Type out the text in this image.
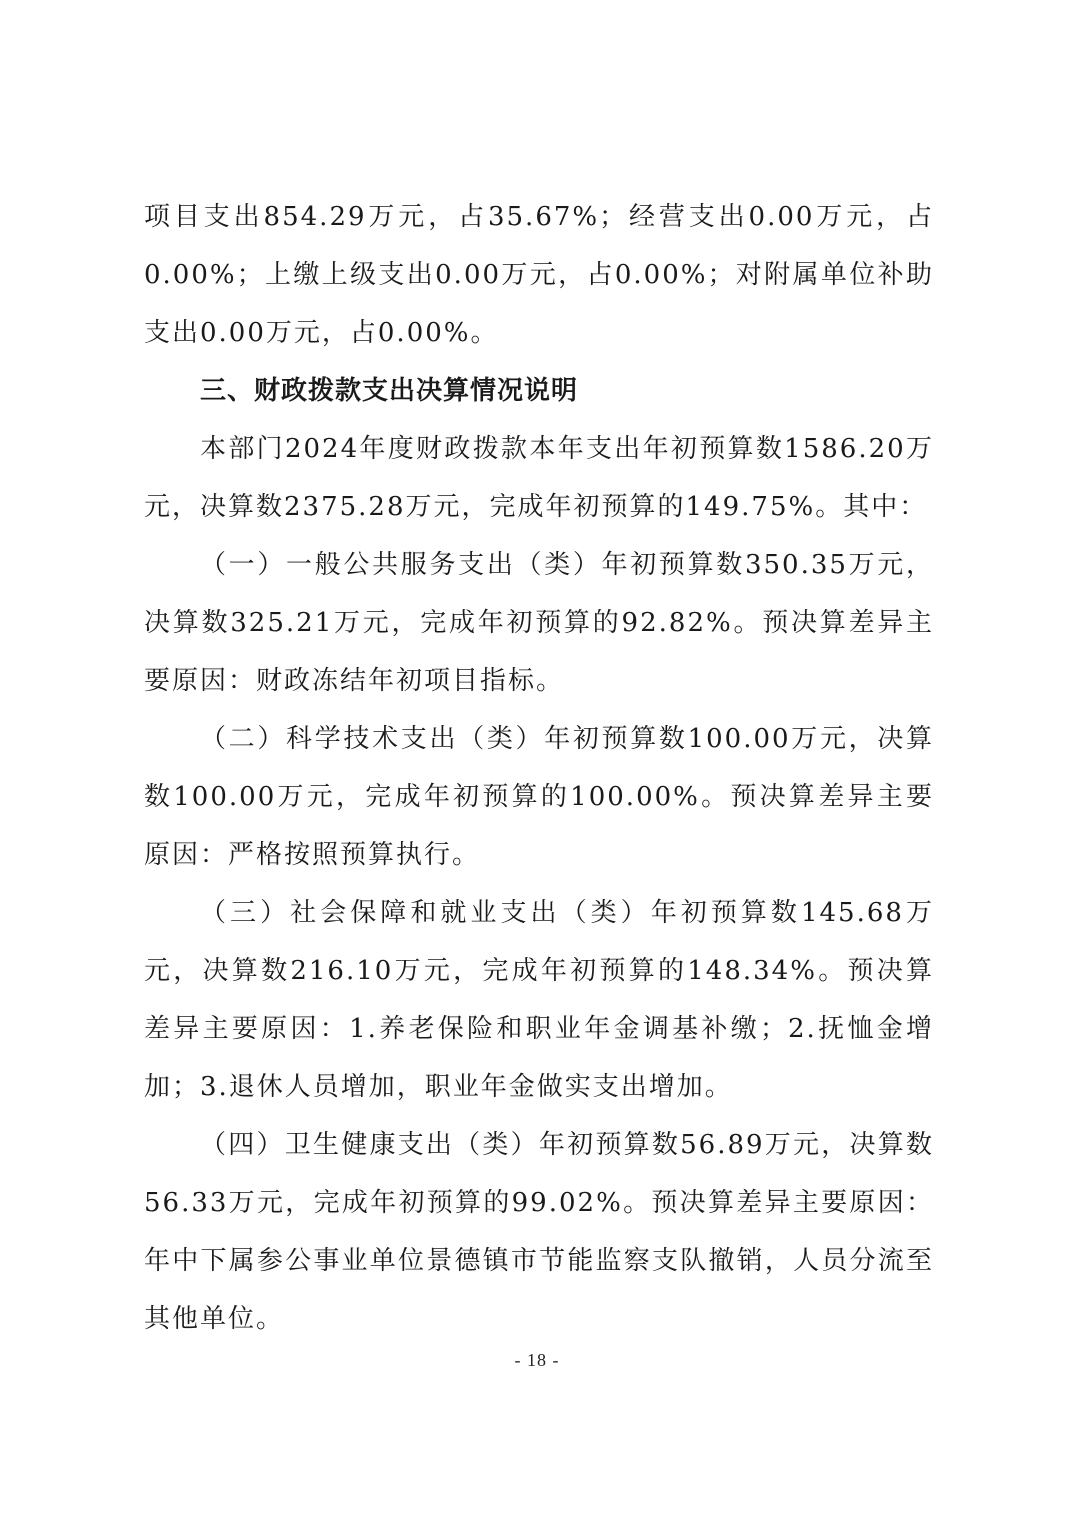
项目支出854.29万元，占35.67%；经营支出0.00万元，占0.00%；上缴上级支出0.00万元，占0.00%；对附属单位补助支出0.00万元，占0.00%。

三、财政拨款支出决算情况说明

本部门2024年度财政拨款本年支出年初预算数1586.20万元，决算数2375.28万元，完成年初预算的149.75%。其中：

（一）一般公共服务支出（类）年初预算数350.35万元，决算数325.21万元，完成年初预算的92.82%。预决算差异主要原因：财政冻结年初项目指标。

（二）科学技术支出（类）年初预算数100.00万元，决算数100.00万元，完成年初预算的100.00%。预决算差异主要原因：严格按照预算执行。

（三）社会保障和就业支出（类）年初预算数145.68万元，决算数216.10万元，完成年初预算的148.34%。预决算差异主要原因：1.养老保险和职业年金调基补缴；2.抚恤金增加；3.退休人员增加，职业年金做实支出增加。

（四）卫生健康支出（类）年初预算数56.89万元，决算数56.33万元，完成年初预算的99.02%。预决算差异主要原因：年中下属参公事业单位景德镇市节能监察支队撤销，人员分流至其他单位。

- 18 -
